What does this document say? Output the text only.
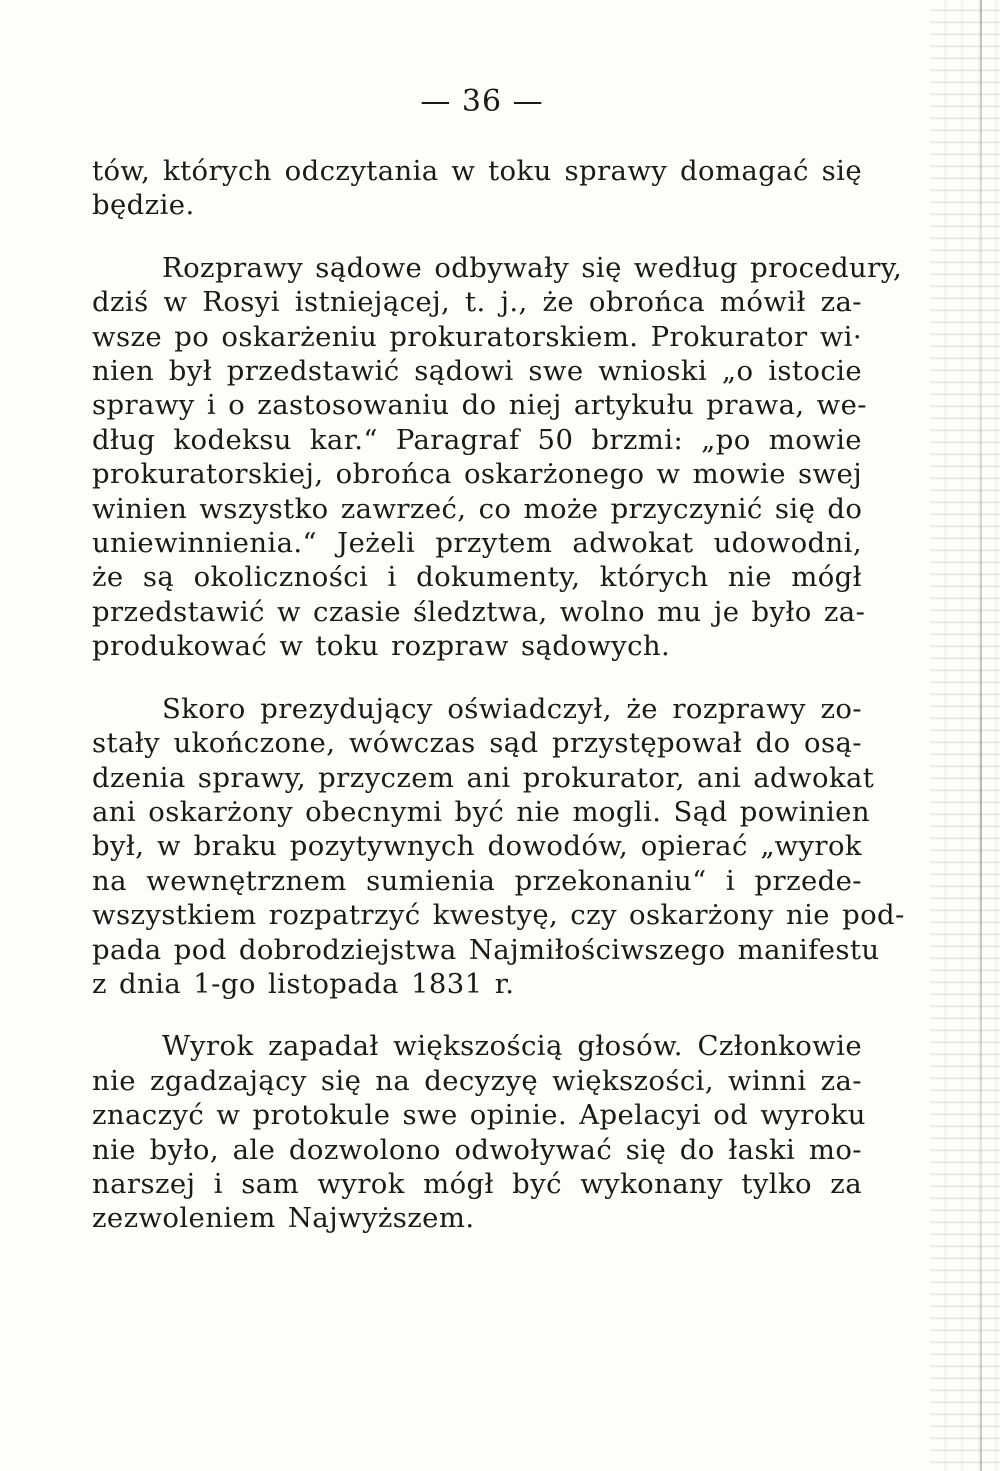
— 36 —
tów, których odczytania w toku sprawy domagać się
będzie.
Rozprawy sądowe odbywały się według procedury,
dziś w Rosyi istniejącej, t. j., że obrońca mówił za-
wsze po oskarżeniu prokuratorskiem. Prokurator wi·
nien był przedstawić sądowi swe wnioski „o istocie
sprawy i o zastosowaniu do niej artykułu prawa, we-
dług kodeksu kar.“ Paragraf 50 brzmi: „po mowie
prokuratorskiej, obrońca oskarżonego w mowie swej
winien wszystko zawrzeć, co może przyczynić się do
uniewinnienia.“ Jeżeli przytem adwokat udowodni,
że są okoliczności i dokumenty, których nie mógł
przedstawić w czasie śledztwa, wolno mu je było za-
produkować w toku rozpraw sądowych.
Skoro prezydujący oświadczył, że rozprawy zo-
stały ukończone, wówczas sąd przystępował do osą-
dzenia sprawy, przyczem ani prokurator, ani adwokat
ani oskarżony obecnymi być nie mogli. Sąd powinien
był, w braku pozytywnych dowodów, opierać „wyrok
na wewnętrznem sumienia przekonaniu“ i przede-
wszystkiem rozpatrzyć kwestyę, czy oskarżony nie pod-
pada pod dobrodziejstwa Najmiłościwszego manifestu
z dnia 1-go listopada 1831 r.
Wyrok zapadał większością głosów. Członkowie
nie zgadzający się na decyzyę większości, winni za-
znaczyć w protokule swe opinie. Apelacyi od wyroku
nie było, ale dozwolono odwoływać się do łaski mo-
narszej i sam wyrok mógł być wykonany tylko za
zezwoleniem Najwyższem.
